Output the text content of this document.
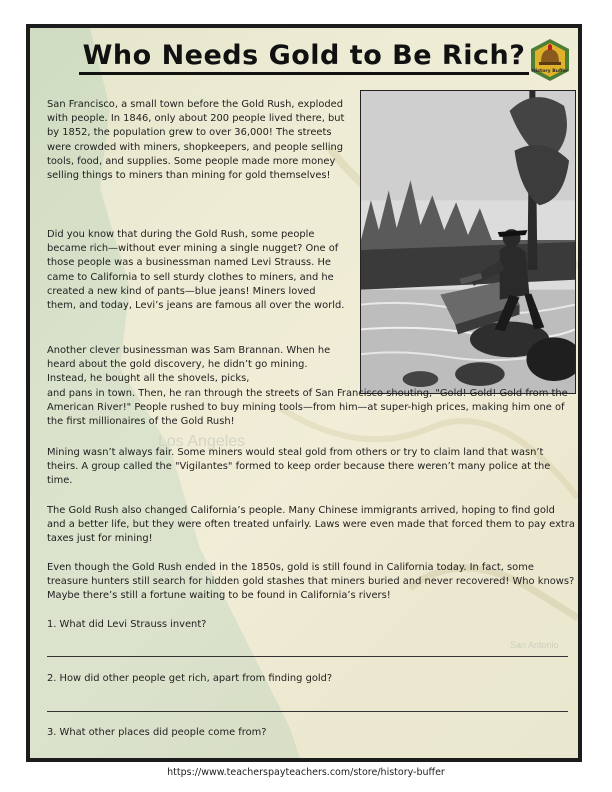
Los Angeles
San Antonio
Who Needs Gold to Be Rich?
History Buffer

San Francisco, a small town before the Gold Rush, exploded with people. In 1846, only about 200 people lived there, but by 1852, the population grew to over 36,000! The streets were crowded with miners, shopkeepers, and people selling tools, food, and supplies. Some people made more money selling things to miners than mining for gold themselves!

Did you know that during the Gold Rush, some people became rich—without ever mining a single nugget? One of those people was a businessman named Levi Strauss. He came to California to sell sturdy clothes to miners, and he created a new kind of pants—blue jeans! Miners loved them, and today, Levi’s jeans are famous all over the world.

Another clever businessman was Sam Brannan. When he heard about the gold discovery, he didn’t go mining. Instead, he bought all the shovels, picks,

and pans in town. Then, he ran through the streets of San Francisco shouting, "Gold! Gold! Gold from the American River!" People rushed to buy mining tools—from him—at super-high prices, making him one of the first millionaires of the Gold Rush!

Mining wasn’t always fair. Some miners would steal gold from others or try to claim land that wasn’t theirs. A group called the "Vigilantes" formed to keep order because there weren’t many police at the time.

The Gold Rush also changed California’s people. Many Chinese immigrants arrived, hoping to find gold and a better life, but they were often treated unfairly. Laws were even made that forced them to pay extra taxes just for mining!

Even though the Gold Rush ended in the 1850s, gold is still found in California today. In fact, some treasure hunters still search for hidden gold stashes that miners buried and never recovered! Who knows? Maybe there’s still a fortune waiting to be found in California’s rivers!

1. What did Levi Strauss invent?
2. How did other people get rich, apart from finding gold?
3. What other places did people come from?
https://www.teacherspayteachers.com/store/history-buffer
